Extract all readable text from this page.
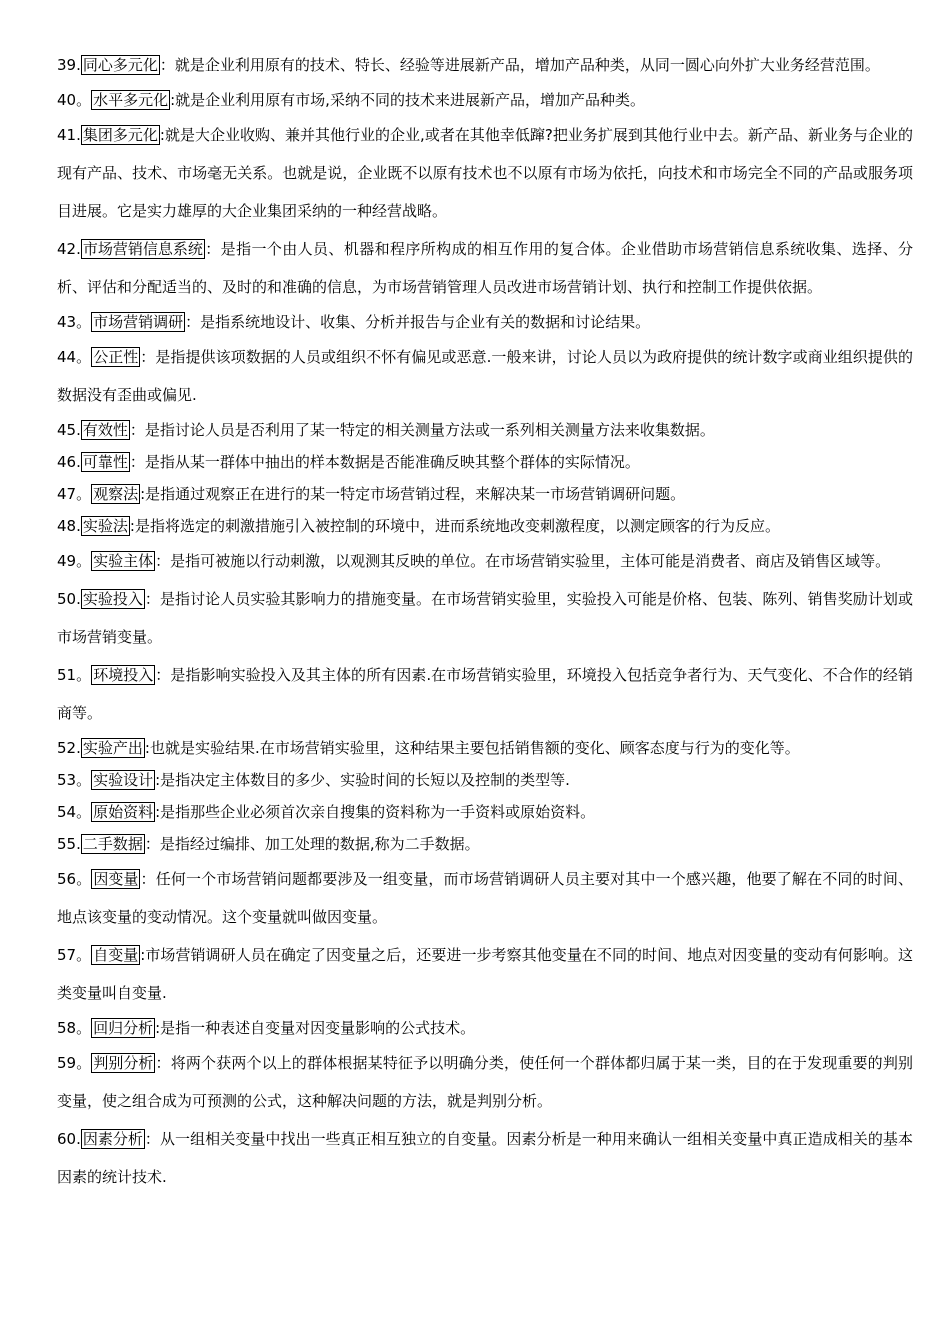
39. 同心多元化 ：就是企业利用原有的技术、特长、经验等进展新产品，增加产品种类，从同一圆心向外扩大业务经营范围。

40。 水平多元化 :就是企业利用原有市场,采纳不同的技术来进展新产品，增加产品种类。

41. 集团多元化 :就是大企业收购、兼并其他行业的企业,或者在其他幸低蹿?把业务扩展到其他行业中去。新产品、新业务与企业的现有产品、技术、市场毫无关系。也就是说，企业既不以原有技术也不以原有市场为依托，向技术和市场完全不同的产品或服务项目进展。它是实力雄厚的大企业集团采纳的一种经营战略。

42. 市场营销信息系统 ：是指一个由人员、机器和程序所构成的相互作用的复合体。企业借助市场营销信息系统收集、选择、分析、评估和分配适当的、及时的和准确的信息，为市场营销管理人员改进市场营销计划、执行和控制工作提供依据。

43。 市场营销调研 ：是指系统地设计、收集、分析并报告与企业有关的数据和讨论结果。

44。 公正性 ：是指提供该项数据的人员或组织不怀有偏见或恶意.一般来讲，讨论人员以为政府提供的统计数字或商业组织提供的数据没有歪曲或偏见.

45. 有效性 ：是指讨论人员是否利用了某一特定的相关测量方法或一系列相关测量方法来收集数据。

46. 可靠性 ：是指从某一群体中抽出的样本数据是否能准确反映其整个群体的实际情况。

47。 观察法 :是指通过观察正在进行的某一特定市场营销过程，来解决某一市场营销调研问题。

48. 实验法 :是指将选定的刺激措施引入被控制的环境中，进而系统地改变刺激程度，以测定顾客的行为反应。

49。 实验主体 ：是指可被施以行动刺激，以观测其反映的单位。在市场营销实验里，主体可能是消费者、商店及销售区域等。

50. 实验投入 ：是指讨论人员实验其影响力的措施变量。在市场营销实验里，实验投入可能是价格、包装、陈列、销售奖励计划或市场营销变量。

51。 环境投入 ：是指影响实验投入及其主体的所有因素.在市场营销实验里，环境投入包括竞争者行为、天气变化、不合作的经销商等。

52. 实验产出 :也就是实验结果.在市场营销实验里，这种结果主要包括销售额的变化、顾客态度与行为的变化等。

53。 实验设计 :是指决定主体数目的多少、实验时间的长短以及控制的类型等.

54。 原始资料 :是指那些企业必须首次亲自搜集的资料称为一手资料或原始资料。

55. 二手数据 ：是指经过编排、加工处理的数据,称为二手数据。

56。 因变量 ：任何一个市场营销问题都要涉及一组变量，而市场营销调研人员主要对其中一个感兴趣，他要了解在不同的时间、地点该变量的变动情况。这个变量就叫做因变量。

57。 自变量 :市场营销调研人员在确定了因变量之后，还要进一步考察其他变量在不同的时间、地点对因变量的变动有何影响。这类变量叫自变量.

58。 回归分析 :是指一种表述自变量对因变量影响的公式技术。

59。 判别分析 ：将两个获两个以上的群体根据某特征予以明确分类，使任何一个群体都归属于某一类，目的在于发现重要的判别变量，使之组合成为可预测的公式，这种解决问题的方法，就是判别分析。

60. 因素分析 ：从一组相关变量中找出一些真正相互独立的自变量。因素分析是一种用来确认一组相关变量中真正造成相关的基本因素的统计技术.
